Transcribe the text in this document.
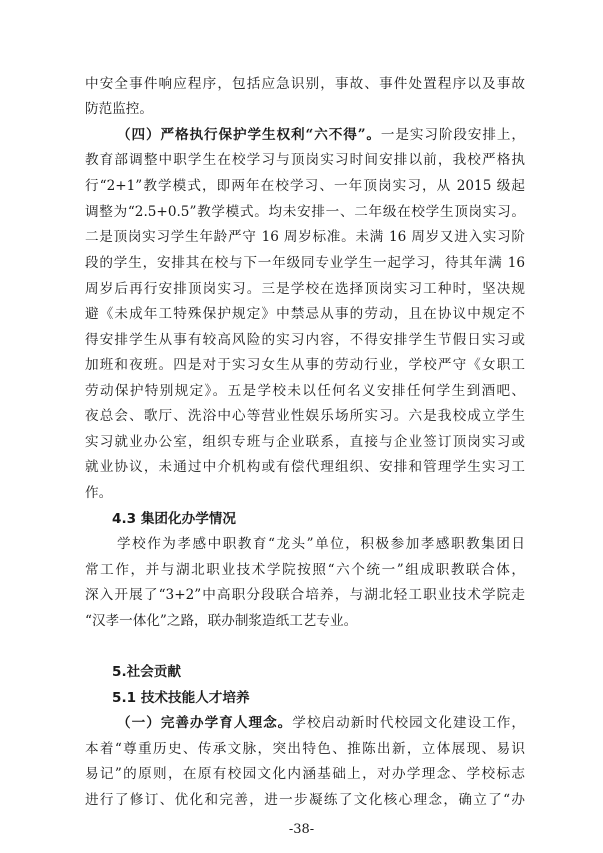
中安全事件响应程序，包括应急识别，事故、事件处置程序以及事故
防范监控。
（四）严格执行保护学生权利“六不得”。一是实习阶段安排上，
教育部调整中职学生在校学习与顶岗实习时间安排以前，我校严格执
行“2+1”教学模式，即两年在校学习、一年顶岗实习，从 2015 级起
调整为“2.5+0.5”教学模式。均未安排一、二年级在校学生顶岗实习。
二是顶岗实习学生年龄严守 16 周岁标准。未满 16 周岁又进入实习阶
段的学生，安排其在校与下一年级同专业学生一起学习，待其年满 16
周岁后再行安排顶岗实习。三是学校在选择顶岗实习工种时，坚决规
避《未成年工特殊保护规定》中禁忌从事的劳动，且在协议中规定不
得安排学生从事有较高风险的实习内容，不得安排学生节假日实习或
加班和夜班。四是对于实习女生从事的劳动行业，学校严守《女职工
劳动保护特别规定》。五是学校未以任何名义安排任何学生到酒吧、
夜总会、歌厅、洗浴中心等营业性娱乐场所实习。六是我校成立学生
实习就业办公室，组织专班与企业联系，直接与企业签订顶岗实习或
就业协议，未通过中介机构或有偿代理组织、安排和管理学生实习工
作。
4.3 集团化办学情况
学校作为孝感中职教育“龙头”单位，积极参加孝感职教集团日
常工作，并与湖北职业技术学院按照“六个统一”组成职教联合体，
深入开展了“3+2”中高职分段联合培养，与湖北轻工职业技术学院走
“汉孝一体化”之路，联办制浆造纸工艺专业。
5.社会贡献
5.1 技术技能人才培养
（一）完善办学育人理念。学校启动新时代校园文化建设工作，
本着“尊重历史、传承文脉，突出特色、推陈出新，立体展现、易识
易记”的原则，在原有校园文化内涵基础上，对办学理念、学校标志
进行了修订、优化和完善，进一步凝练了文化核心理念，确立了“办
-38-
